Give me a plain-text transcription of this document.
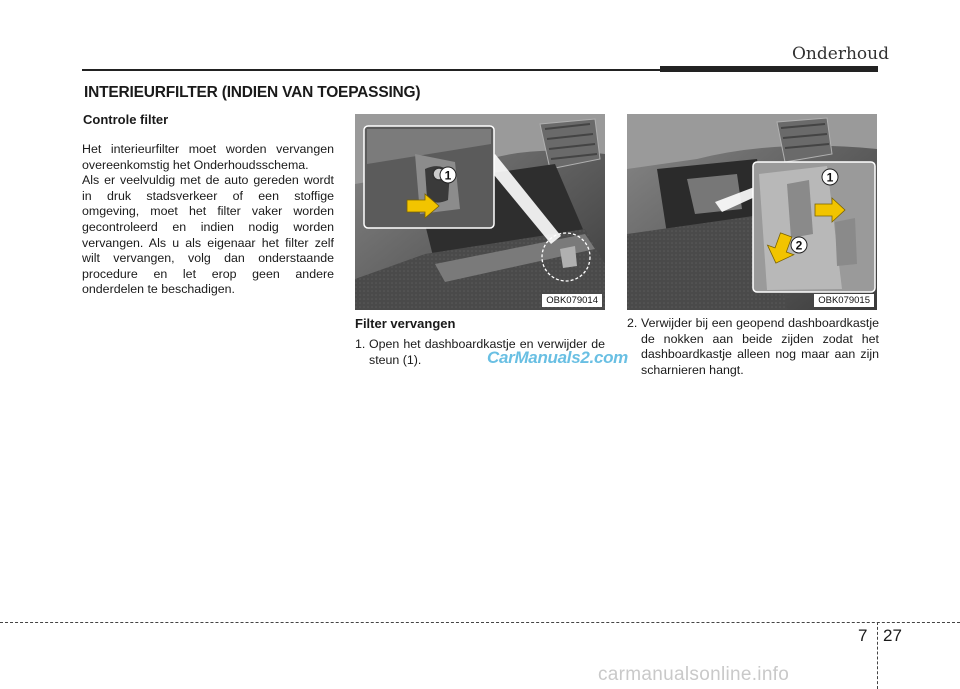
Onderhoud
INTERIEURFILTER (INDIEN VAN TOEPASSING)
Controle filter

Het interieurfilter moet worden vervangen overeenkomstig het Onderhoudsschema.

Als er veelvuldig met de auto gereden wordt in druk stadsverkeer of een stoffige omgeving, moet het filter vaker worden gecontroleerd en indien nodig worden vervangen. Als u als eigenaar het filter zelf wilt vervangen, volg dan onderstaande procedure en let erop geen andere onderdelen te beschadigen.

1
OBK079014
1
2
OBK079015
Filter vervangen
1. Open het dashboardkastje en verwijder de steun (1).
2. Verwijder bij een geopend dashboardkastje de nokken aan beide zijden zodat het dashboardkastje alleen nog maar aan zijn scharnieren hangt.
CarManuals2.com
7 27
carmanualsonline.info
